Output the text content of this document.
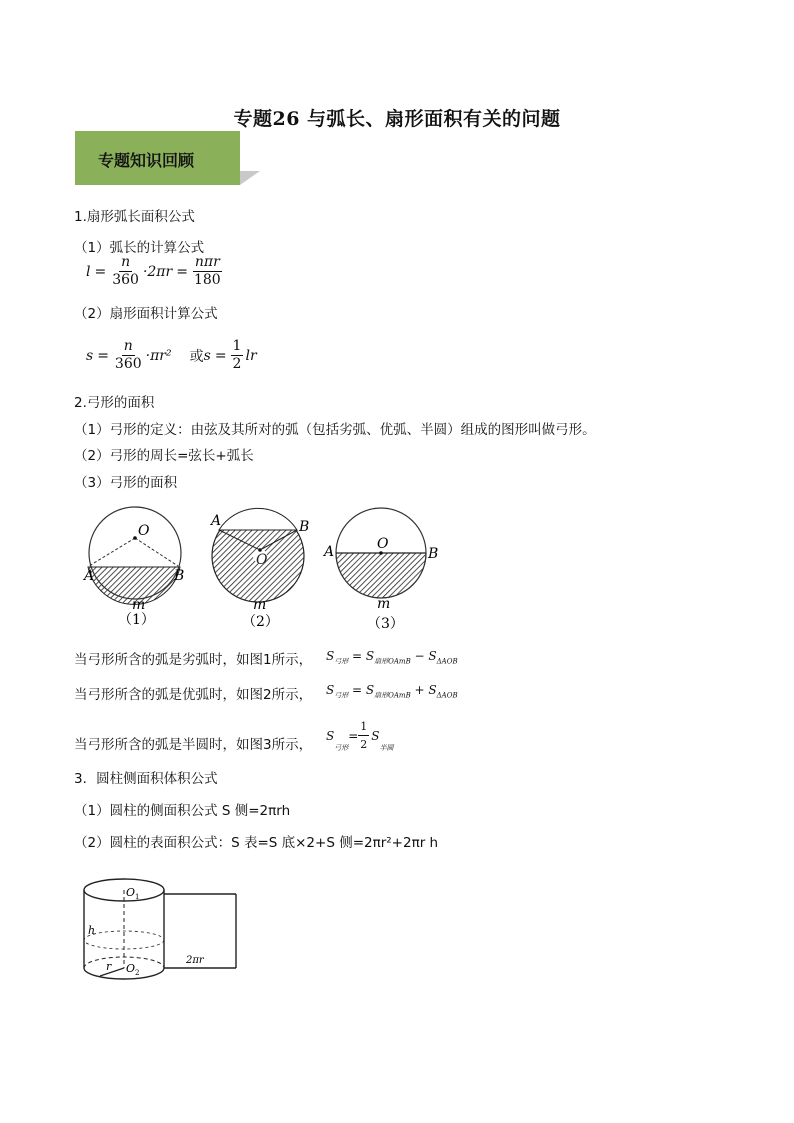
专题26 与弧长、扇形面积有关的问题
专题知识回顾
1.扇形弧长面积公式
（1）弧长的计算公式
$l = \frac{n}{360} \cdot 2\pi r = \frac{\text{nπr}}{180}$
（2）扇形面积计算公式
$s = \frac{n}{360} \cdot\pi r^2$ 或 $s = \frac{1}{2}$ lr
2.弓形的面积
（1）弓形的定义：由弦及其所对的弧（包括劣弧、优弧、半圆）组成的图形叫做弓形。
（2）弓形的周长=弦长+弧长
（3）弓形的面积
O
A	B
m
（1）
A	B
O
m
（2）
O
A	B
m
（3）
当弓形所含的弧是劣弧时，如图1所示， $S_{弓形} = S_{扇形OAmB} - S_{\Delta AOB}$
当弓形所含的弧是优弧时，如图2所示， $S_{弓形} = S_{扇形OAmB} + S_{\Delta AOB}$
当弓形所含的弧是半圆时，如图3所示，
S
弓形
= $\frac{1}{2}$ S
半圆
3．圆柱侧面积体积公式
（1）圆柱的侧面积公式 S 侧=2πrh
（2）圆柱的表面积公式：S 表=S 底×2+S 侧=2πr²+2πr h
O 1
O 2
h
r	2πr
